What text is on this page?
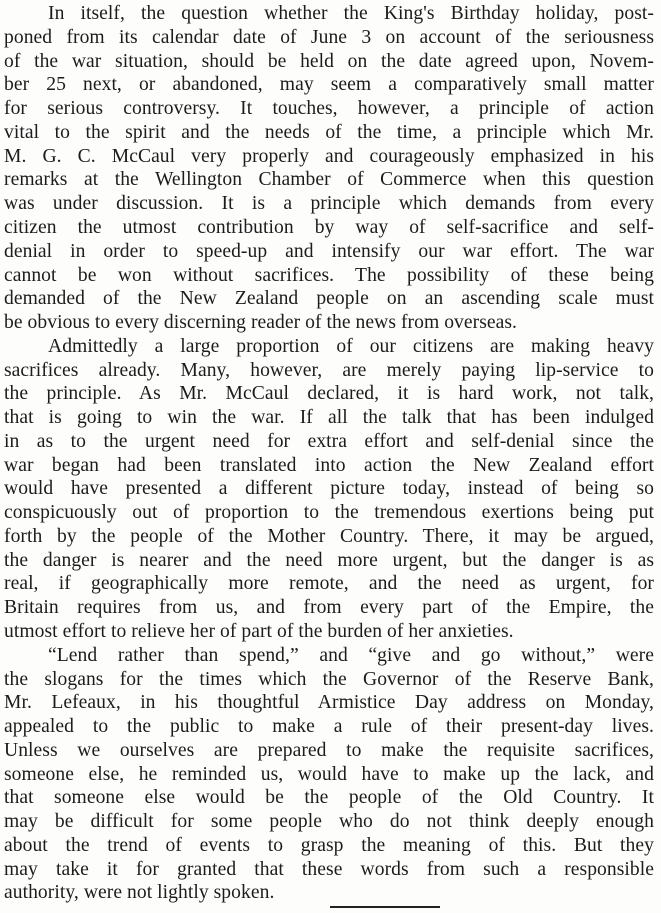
In itself, the question whether the King's Birthday holiday, post-
poned from its calendar date of June 3 on account of the seriousness
of the war situation, should be held on the date agreed upon, Novem-
ber 25 next, or abandoned, may seem a comparatively small matter
for serious controversy. It touches, however, a principle of action
vital to the spirit and the needs of the time, a principle which Mr.
M. G. C. McCaul very properly and courageously emphasized in his
remarks at the Wellington Chamber of Commerce when this question
was under discussion. It is a principle which demands from every
citizen the utmost contribution by way of self-sacrifice and self-
denial in order to speed-up and intensify our war effort. The war
cannot be won without sacrifices. The possibility of these being
demanded of the New Zealand people on an ascending scale must
be obvious to every discerning reader of the news from overseas.
Admittedly a large proportion of our citizens are making heavy
sacrifices already. Many, however, are merely paying lip-service to
the principle. As Mr. McCaul declared, it is hard work, not talk,
that is going to win the war. If all the talk that has been indulged
in as to the urgent need for extra effort and self-denial since the
war began had been translated into action the New Zealand effort
would have presented a different picture today, instead of being so
conspicuously out of proportion to the tremendous exertions being put
forth by the people of the Mother Country. There, it may be argued,
the danger is nearer and the need more urgent, but the danger is as
real, if geographically more remote, and the need as urgent, for
Britain requires from us, and from every part of the Empire, the
utmost effort to relieve her of part of the burden of her anxieties.
“Lend rather than spend,” and “give and go without,” were
the slogans for the times which the Governor of the Reserve Bank,
Mr. Lefeaux, in his thoughtful Armistice Day address on Monday,
appealed to the public to make a rule of their present-day lives.
Unless we ourselves are prepared to make the requisite sacrifices,
someone else, he reminded us, would have to make up the lack, and
that someone else would be the people of the Old Country. It
may be difficult for some people who do not think deeply enough
about the trend of events to grasp the meaning of this. But they
may take it for granted that these words from such a responsible
authority, were not lightly spoken.
